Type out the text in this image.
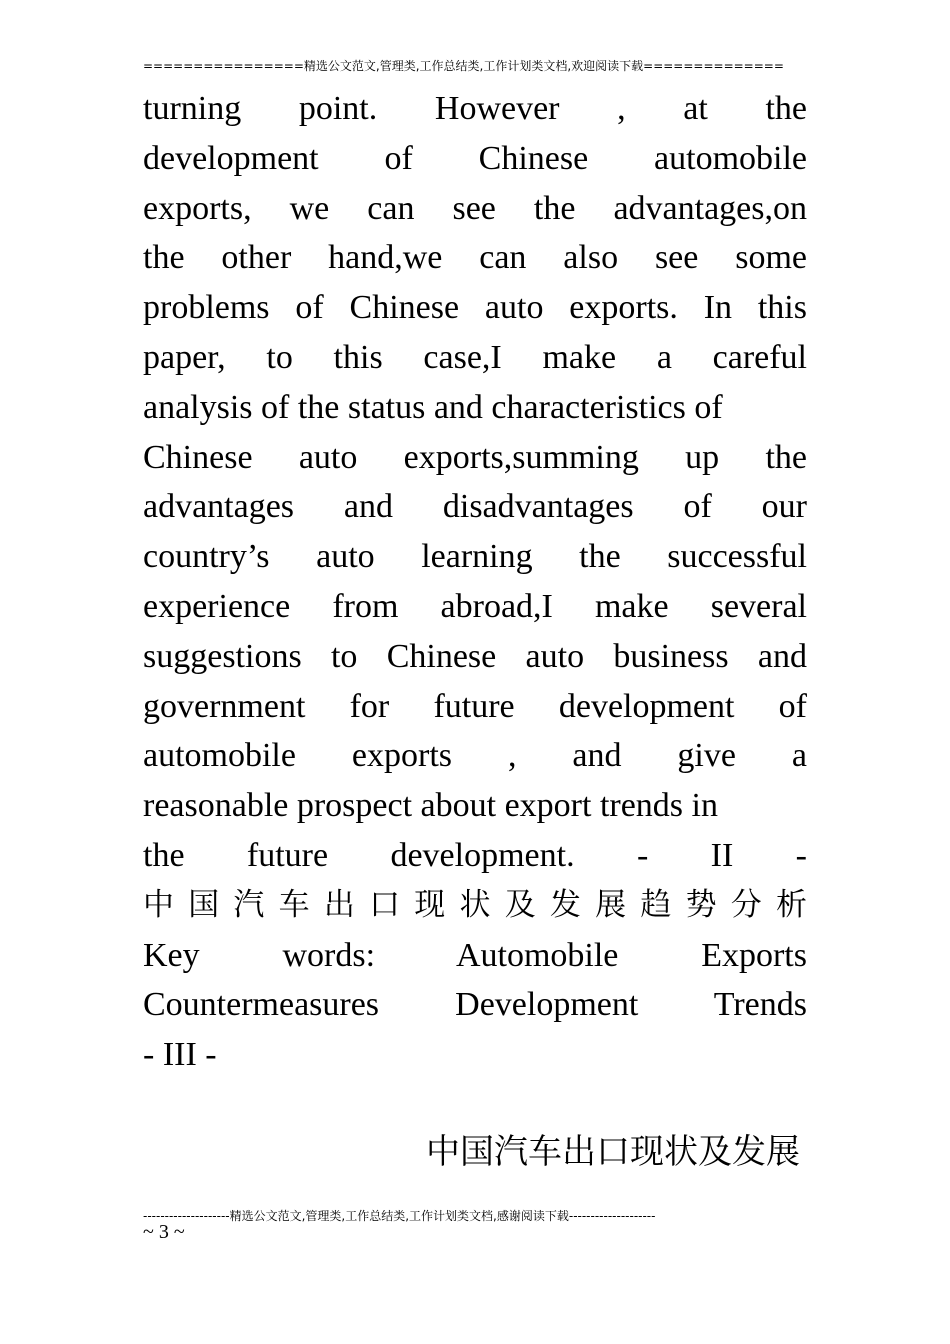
================精选公文范文,管理类,工作总结类,工作计划类文档,欢迎阅读下载==============
turning point. However , at the
development of Chinese automobile
exports, we can see the advantages,on
the other hand,we can also see some
problems of Chinese auto exports. In this
paper, to this case,I make a careful
analysis of the status and characteristics of
Chinese auto exports,summing up the
advantages and disadvantages of our
country’s auto learning the successful
experience from abroad,I make several
suggestions to Chinese auto business and
government for future development of
automobile exports , and give a
reasonable prospect about export trends in
the future development. - II -
中国汽车出口现状及发展趋势分析
Key words: Automobile Exports
Countermeasures Development Trends
- III -
中国汽车出口现状及发展
--------------------精选公文范文,管理类,工作总结类,工作计划类文档,感谢阅读下载--------------------
~ 3 ~
